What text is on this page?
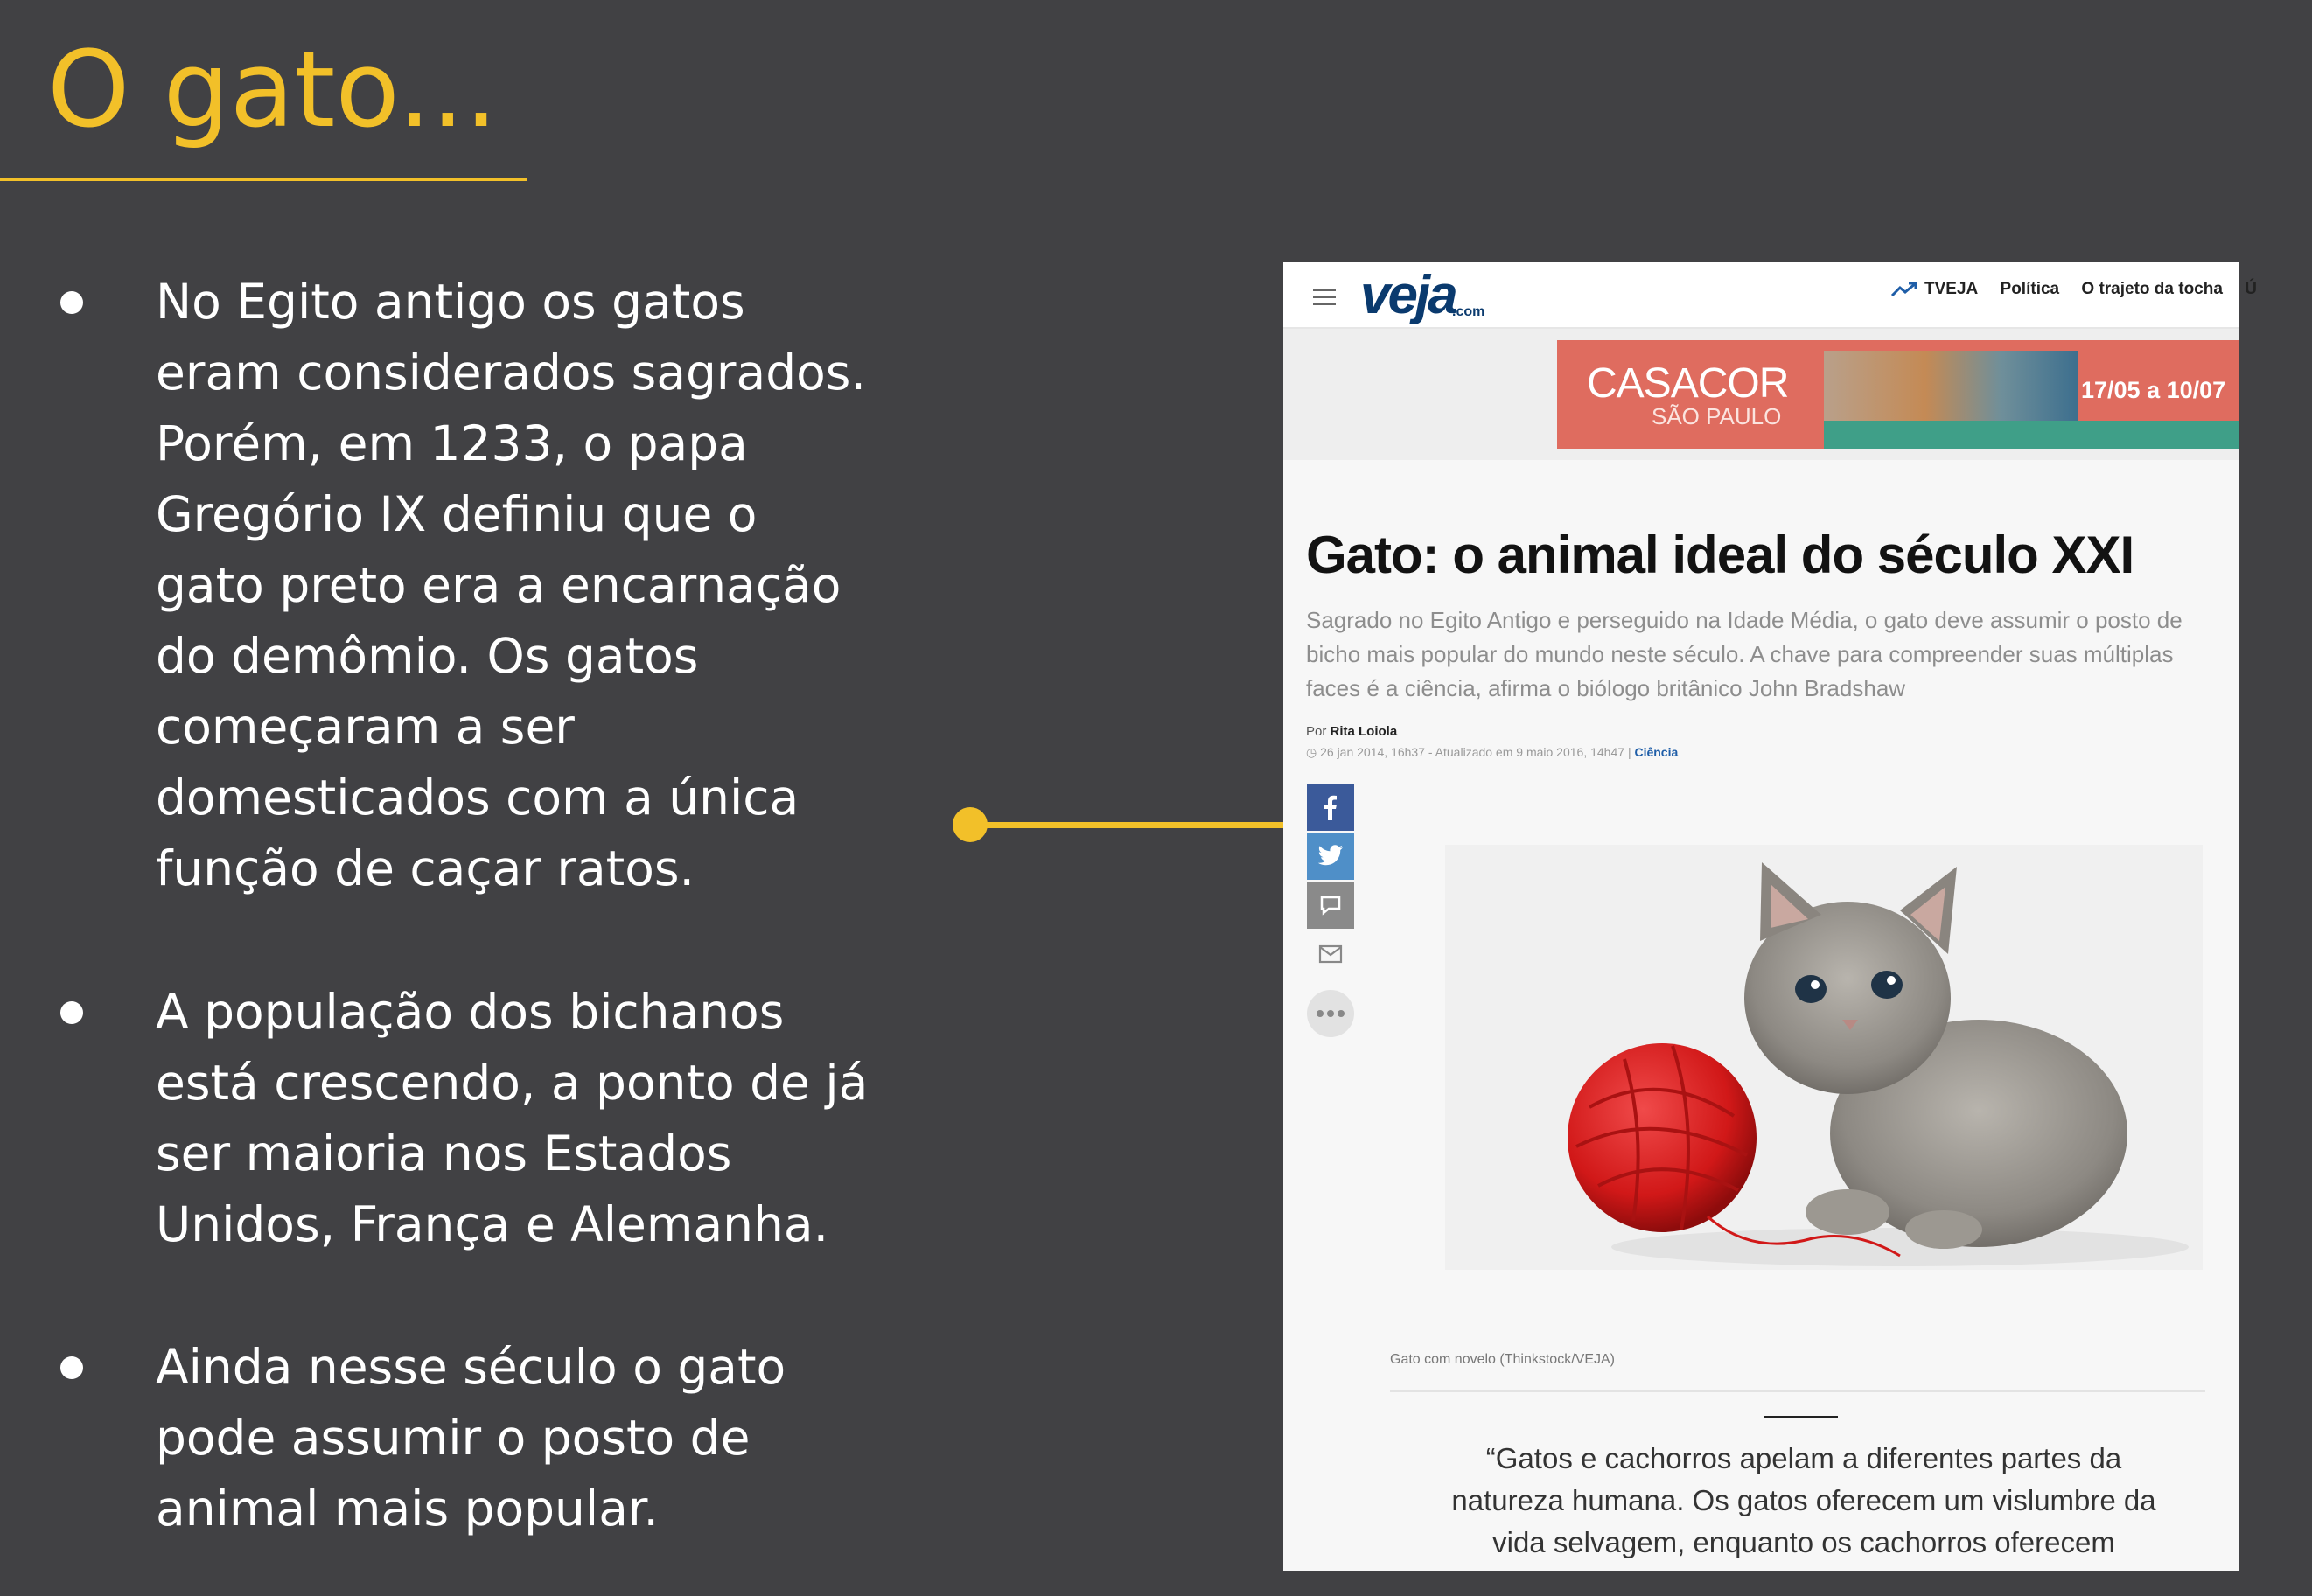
O gato...
No Egito antigo os gatos eram considerados sagrados. Porém, em 1233, o papa Gregório IX definiu que o gato preto era a encarnação do demômio. Os gatos começaram a ser domesticados com a única função de caçar ratos.
A população dos bichanos está crescendo, a ponto de já ser maioria nos Estados Unidos, França e Alemanha.
Ainda nesse século o gato pode assumir o posto de animal mais popular.
veja
.com
TVEJA Política O trajeto da tocha Ú
CASACOR
SÃO PAULO
17/05 a 10/07
Gato: o animal ideal do século XXI
Sagrado no Egito Antigo e perseguido na Idade Média, o gato deve assumir o posto de bicho mais popular do mundo neste século. A chave para compreender suas múltiplas faces é a ciência, afirma o biólogo britânico John Bradshaw
Por Rita Loiola
◷ 26 jan 2014, 16h37 - Atualizado em 9 maio 2016, 14h47 | Ciência
Gato com novelo (Thinkstock/VEJA)
“Gatos e cachorros apelam a diferentes partes da natureza humana. Os gatos oferecem um vislumbre da vida selvagem, enquanto os cachorros oferecem
